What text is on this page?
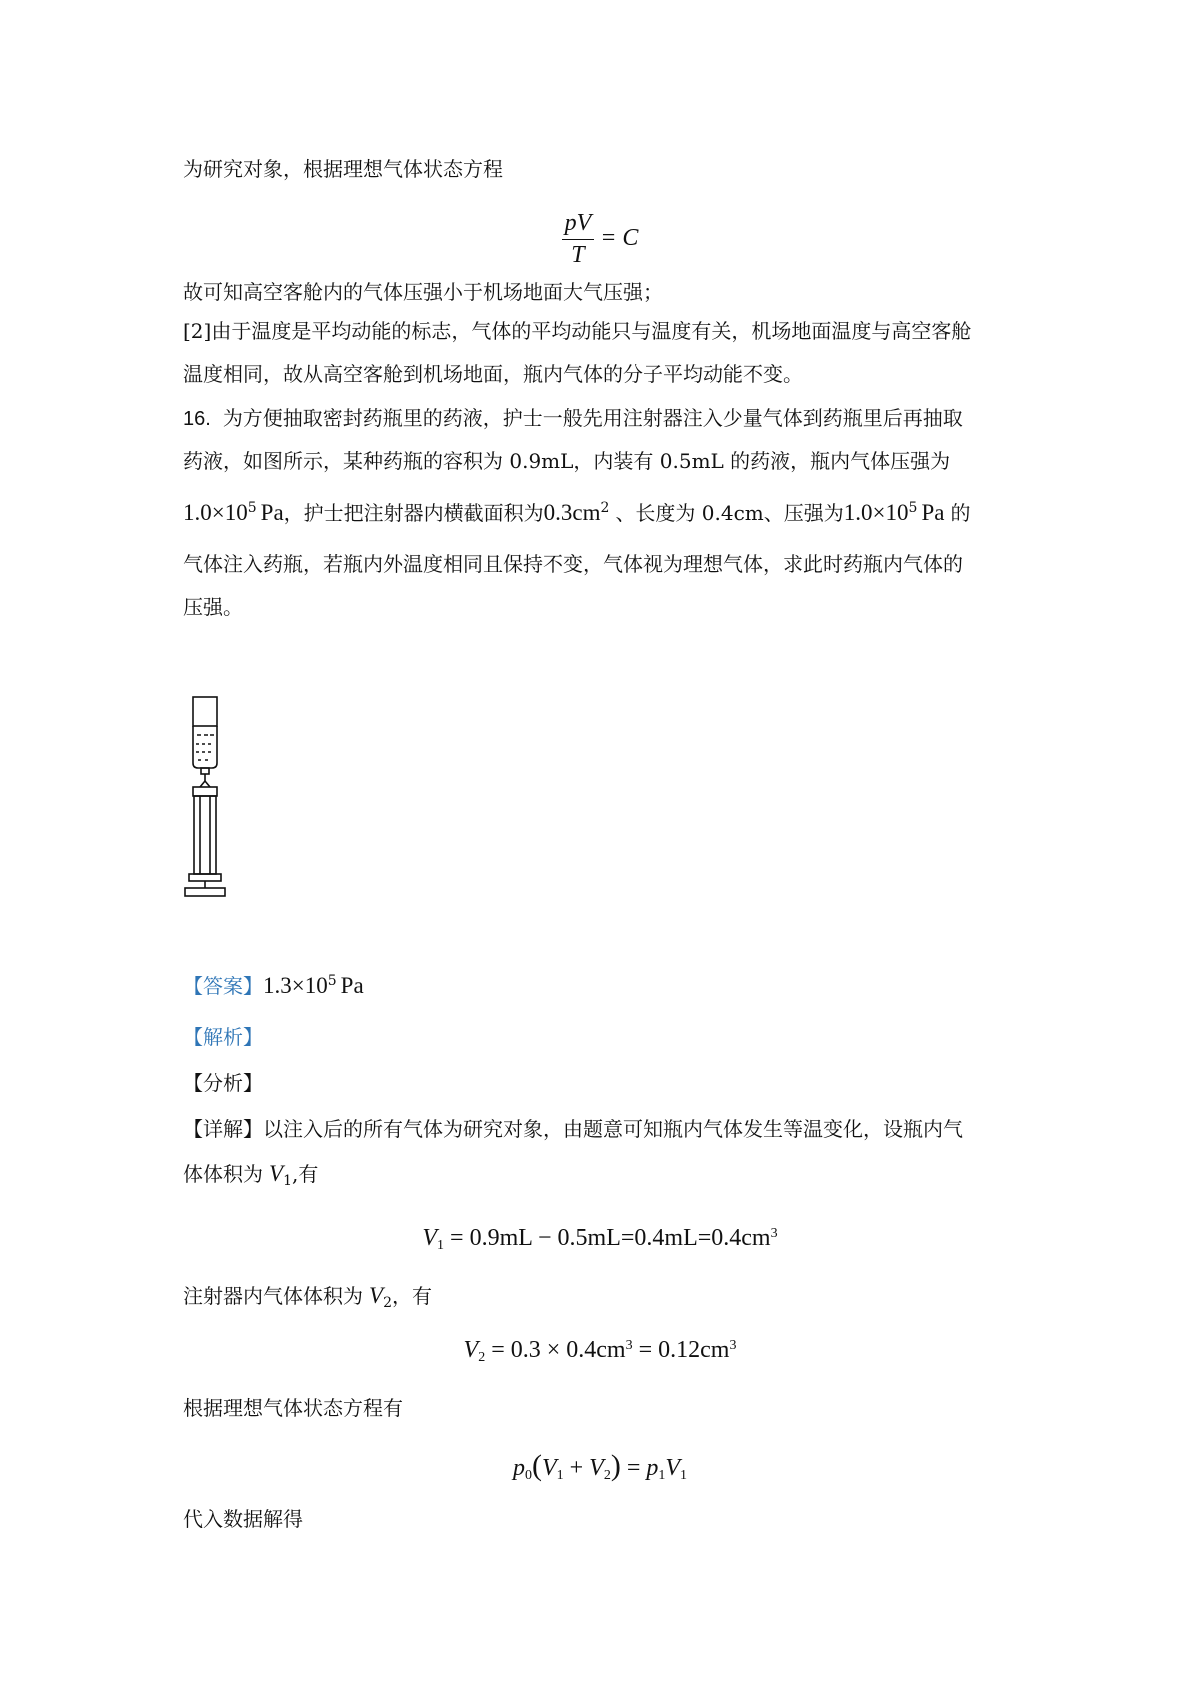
为研究对象，根据理想气体状态方程
$\frac{pV}{T} = C$
故可知高空客舱内的气体压强小于机场地面大气压强；
[2]由于温度是平均动能的标志，气体的平均动能只与温度有关，机场地面温度与高空客舱
温度相同，故从高空客舱到机场地面，瓶内气体的分子平均动能不变。
16. 为方便抽取密封药瓶里的药液，护士一般先用注射器注入少量气体到药瓶里后再抽取
药液，如图所示，某种药瓶的容积为 0.9mL，内装有 0.5mL 的药液，瓶内气体压强为
$1.0\times 10^5$ Pa，护士把注射器内横截面积为$0.3cm^2$ 、长度为 0.4cm、压强为$1.0\times 10^5$ Pa 的
气体注入药瓶，若瓶内外温度相同且保持不变，气体视为理想气体，求此时药瓶内气体的
压强。
【答案】$1.3\times 10^5$ Pa
【解析】
【分析】
【详解】以注入后的所有气体为研究对象，由题意可知瓶内气体发生等温变化，设瓶内气
体体积为 $V_1$,有
$V_1 = 0.9mL - 0.5mL=0.4mL=0.4cm^3$
注射器内气体体积为 $V_2$，有
$V_2 = 0.3 \times 0.4cm^3 = 0.12cm^3$
根据理想气体状态方程有
$p_0(V_1 + V_2) = p_1V_1$
代入数据解得
